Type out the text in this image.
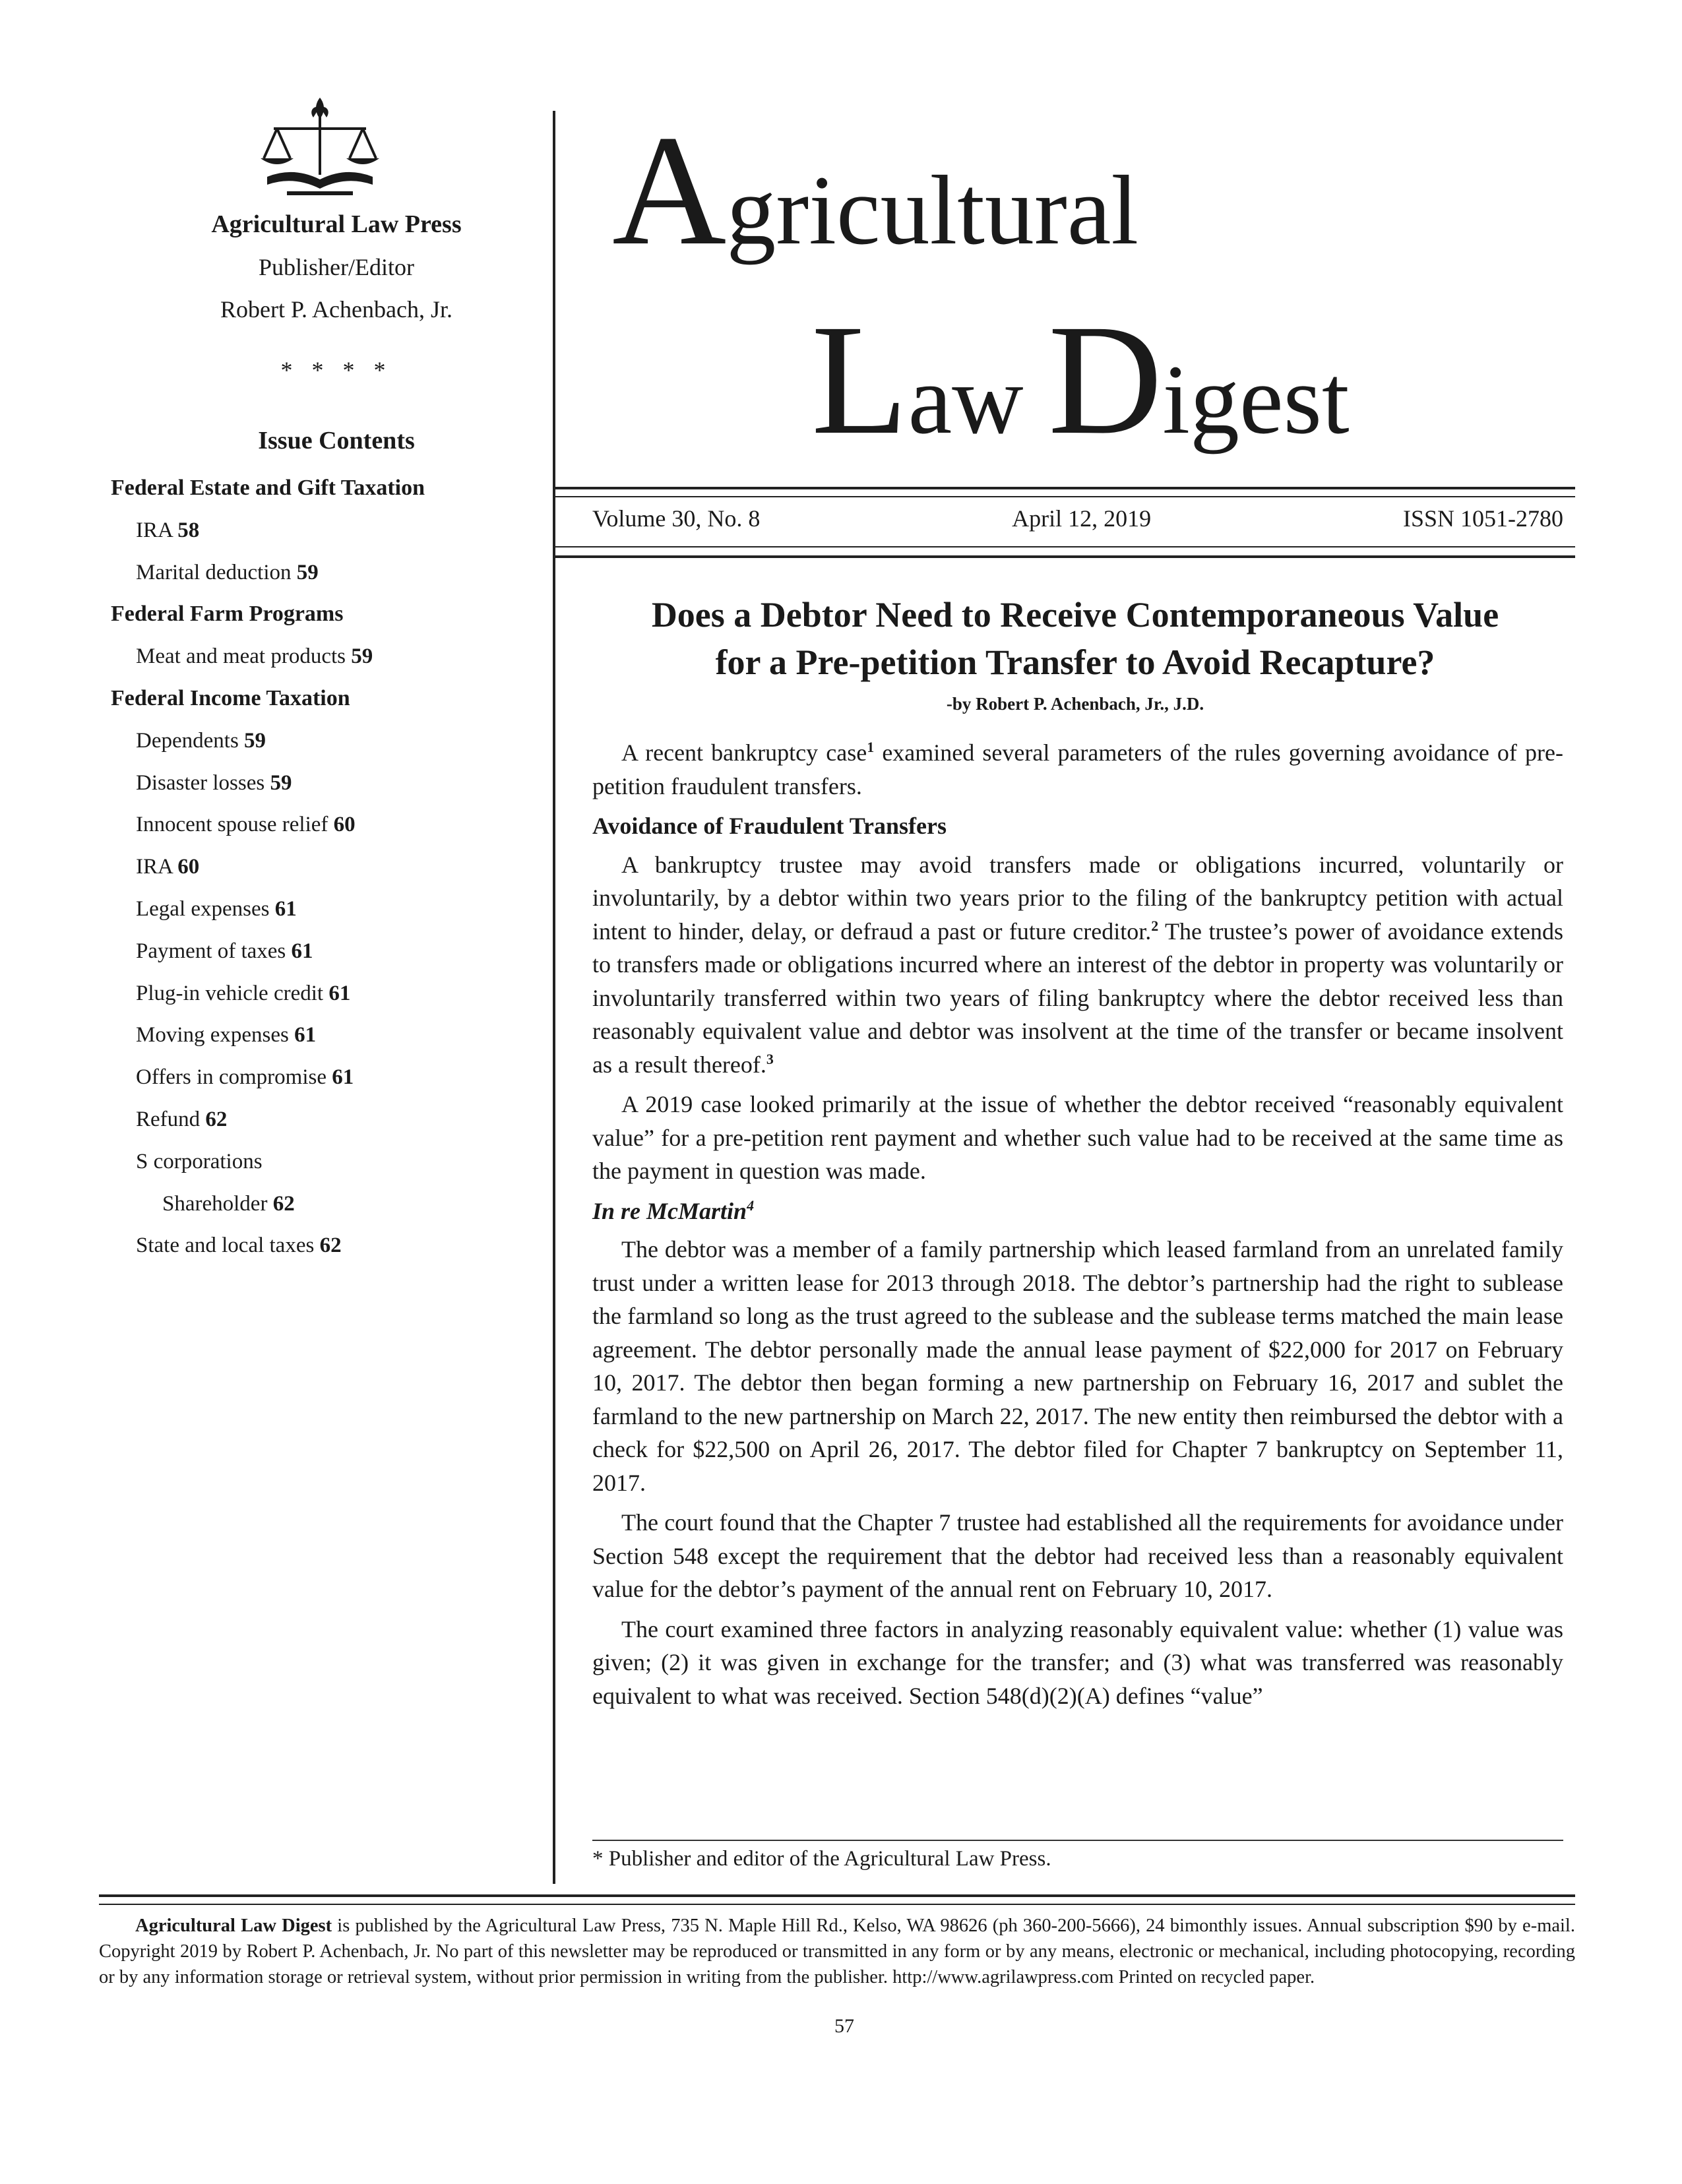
Agricultural Law Press
Publisher/Editor
Robert P. Achenbach, Jr.
* * * *
Issue Contents
Federal Estate and Gift Taxation
IRA 58
Marital deduction 59
Federal Farm Programs
Meat and meat products 59
Federal Income Taxation
Dependents 59
Disaster losses 59
Innocent spouse relief 60
IRA 60
Legal expenses 61
Payment of taxes 61
Plug-in vehicle credit 61
Moving expenses 61
Offers in compromise 61
Refund 62
S corporations
Shareholder 62
State and local taxes 62
Agricultural
Law Digest
Volume 30, No. 8	April 12, 2019	ISSN 1051-2780
Does a Debtor Need to Receive Contemporaneous Value
for a Pre-petition Transfer to Avoid Recapture?
-by Robert P. Achenbach, Jr., J.D.

A recent bankruptcy case$^1$ examined several parameters of the rules governing avoidance of pre-petition fraudulent transfers.

Avoidance of Fraudulent Transfers

A bankruptcy trustee may avoid transfers made or obligations incurred, voluntarily or involuntarily, by a debtor within two years prior to the filing of the bankruptcy petition with actual intent to hinder, delay, or defraud a past or future creditor.$^2$ The trustee’s power of avoidance extends to transfers made or obligations incurred where an interest of the debtor in property was voluntarily or involuntarily transferred within two years of filing bankruptcy where the debtor received less than reasonably equivalent value and debtor was insolvent at the time of the transfer or became insolvent as a result thereof.$^3$

A 2019 case looked primarily at the issue of whether the debtor received “reasonably equivalent value” for a pre-petition rent payment and whether such value had to be received at the same time as the payment in question was made.

In re McMartin$^4$

The debtor was a member of a family partnership which leased farmland from an unrelated family trust under a written lease for 2013 through 2018. The debtor’s partnership had the right to sublease the farmland so long as the trust agreed to the sublease and the sublease terms matched the main lease agreement. The debtor personally made the annual lease payment of $22,000 for 2017 on February 10, 2017. The debtor then began forming a new partnership on February 16, 2017 and sublet the farmland to the new partnership on March 22, 2017. The new entity then reimbursed the debtor with a check for $22,500 on April 26, 2017. The debtor filed for Chapter 7 bankruptcy on September 11, 2017.

The court found that the Chapter 7 trustee had established all the requirements for avoidance under Section 548 except the requirement that the debtor had received less than a reasonably equivalent value for the debtor’s payment of the annual rent on February 10, 2017.

The court examined three factors in analyzing reasonably equivalent value: whether (1) value was given; (2) it was given in exchange for the transfer; and (3) what was transferred was reasonably equivalent to what was received. Section 548(d)(2)(A) defines “value”

* Publisher and editor of the Agricultural Law Press.
Agricultural Law Digest is published by the Agricultural Law Press, 735 N. Maple Hill Rd., Kelso, WA 98626 (ph 360-200-5666), 24 bimonthly issues. Annual subscription $90 by e-mail. Copyright 2019 by Robert P. Achenbach, Jr. No part of this newsletter may be reproduced or transmitted in any form or by any means, electronic or mechanical, including photocopying, recording or by any information storage or retrieval system, without prior permission in writing from the publisher. http://www.agrilawpress.com Printed on recycled paper.
57
